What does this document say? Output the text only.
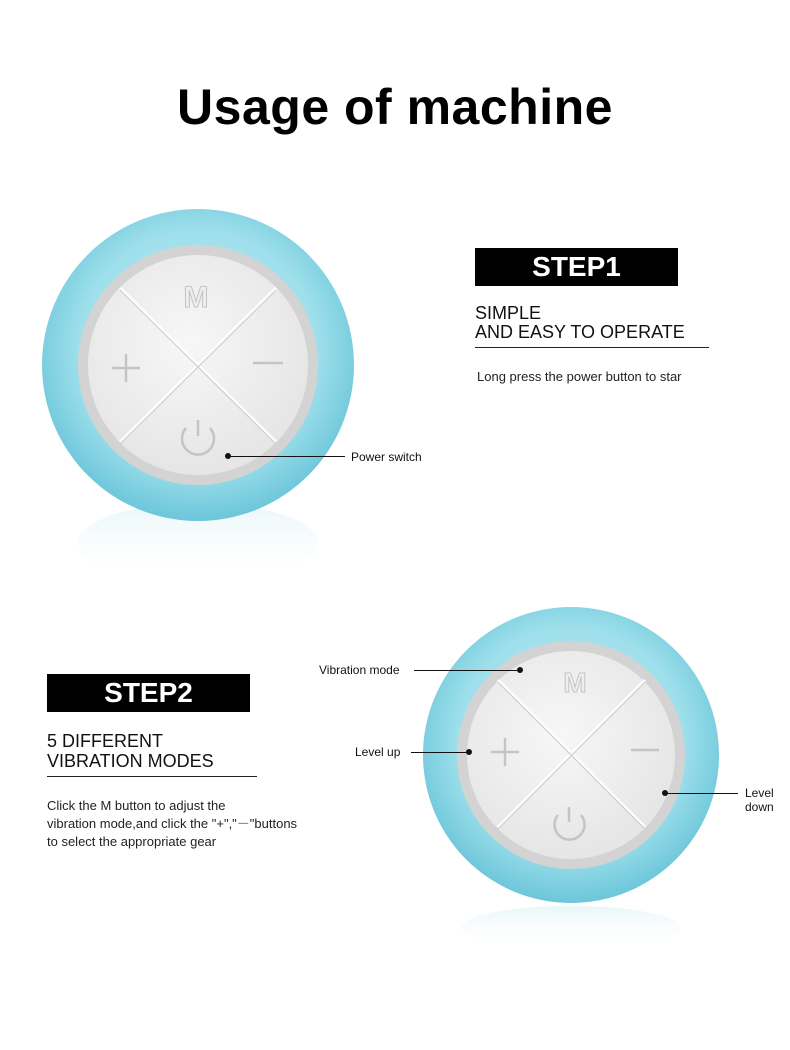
Usage of machine
M
Power switch
STEP1
SIMPLE
AND EASY TO OPERATE
Long press the power button to star
STEP2
5 DIFFERENT
VIBRATION MODES
Click the M button to adjust the
vibration mode,and click the "+","－"buttons
to select the appropriate gear
M
Vibration mode
Level up
Level
down
